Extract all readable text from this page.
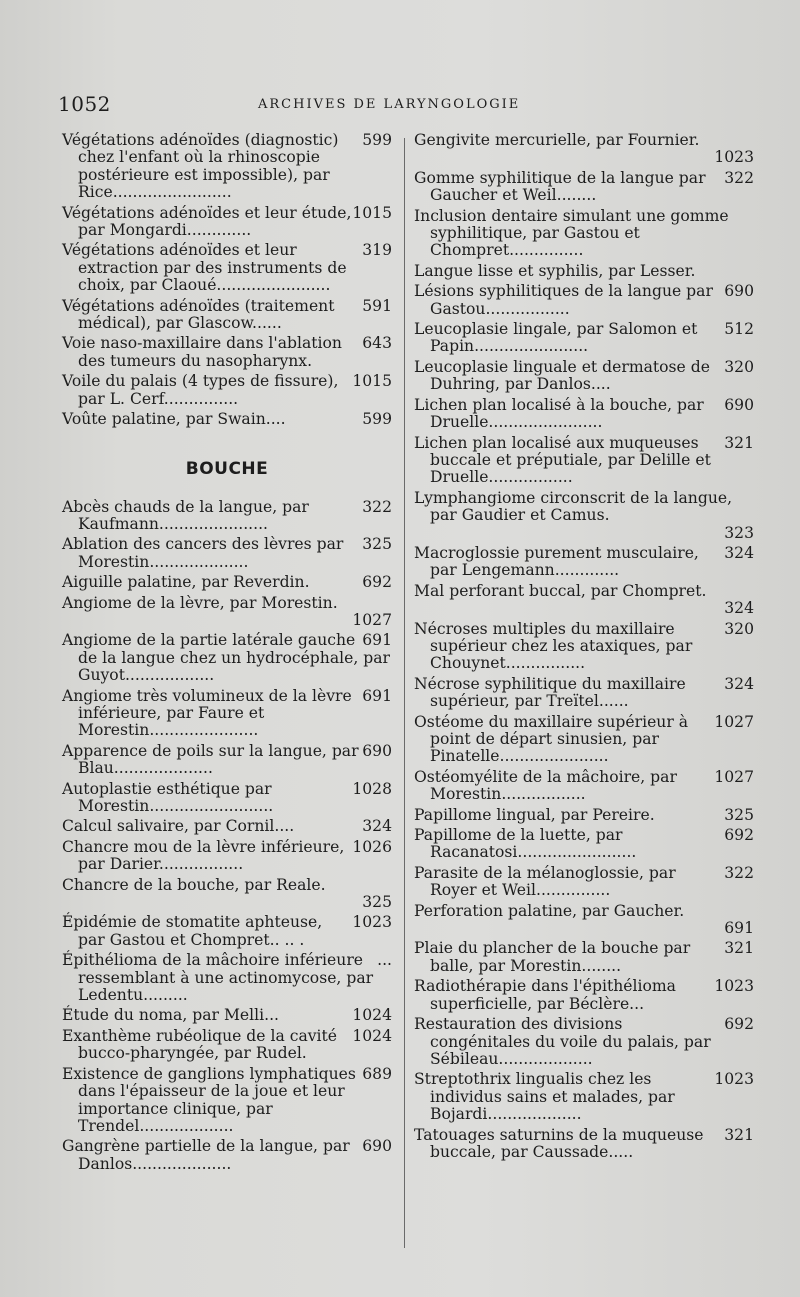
1052	ARCHIVES DE LARYNGOLOGIE
599
Végétations adénoïdes (diagnostic) chez l'enfant où la rhinoscopie postérieure est impossible), par Rice........................
1015
Végétations adénoïdes et leur étude, par Mongardi.............
319
Végétations adénoïdes et leur extraction par des instruments de choix, par Claoué.......................
591
Végétations adénoïdes (traitement médical), par Glascow......
643
Voie naso-maxillaire dans l'ablation des tumeurs du nasopharynx.
1015
Voile du palais (4 types de fissure), par L. Cerf...............
599
Voûte palatine, par Swain....
BOUCHE
322
Abcès chauds de la langue, par Kaufmann......................
325
Ablation des cancers des lèvres par Morestin....................
692
Aiguille palatine, par Reverdin.
Angiome de la lèvre, par Morestin.
1027
691
Angiome de la partie latérale gauche de la langue chez un hydrocéphale, par Guyot..................
691
Angiome très volumineux de la lèvre inférieure, par Faure et Morestin......................
690
Apparence de poils sur la langue, par Blau....................
1028
Autoplastie esthétique par Morestin.........................
324
Calcul salivaire, par Cornil....
1026
Chancre mou de la lèvre inférieure, par Darier.................
Chancre de la bouche, par Reale.
325
1023
Épidémie de stomatite aphteuse, par Gastou et Chompret.. .. .
...
Épithélioma de la mâchoire inférieure ressemblant à une actinomycose, par Ledentu.........
1024
Étude du noma, par Melli...
1024
Exanthème rubéolique de la cavité bucco-pharyngée, par Rudel.
689
Existence de ganglions lymphatiques dans l'épaisseur de la joue et leur importance clinique, par Trendel...................
690
Gangrène partielle de la langue, par Danlos....................
Gengivite mercurielle, par Fournier.
1023
322
Gomme syphilitique de la langue par Gaucher et Weil........
Inclusion dentaire simulant une gomme syphilitique, par Gastou et Chompret...............
Langue lisse et syphilis, par Lesser.
690
Lésions syphilitiques de la langue par Gastou.................
512
Leucoplasie lingale, par Salomon et Papin.......................
320
Leucoplasie linguale et dermatose de Duhring, par Danlos....
690
Lichen plan localisé à la bouche, par Druelle.......................
321
Lichen plan localisé aux muqueuses buccale et préputiale, par Delille et Druelle.................
Lymphangiome circonscrit de la langue, par Gaudier et Camus.
323
324
Macroglossie purement musculaire, par Lengemann.............
Mal perforant buccal, par Chompret.
324
320
Nécroses multiples du maxillaire supérieur chez les ataxiques, par Chouynet................
324
Nécrose syphilitique du maxillaire supérieur, par Treïtel......
1027
Ostéome du maxillaire supérieur à point de départ sinusien, par Pinatelle......................
1027
Ostéomyélite de la mâchoire, par Morestin.................
325
Papillome lingual, par Pereire.
692
Papillome de la luette, par Racanatosi........................
322
Parasite de la mélanoglossie, par Royer et Weil...............
Perforation palatine, par Gaucher.
691
321
Plaie du plancher de la bouche par balle, par Morestin........
1023
Radiothérapie dans l'épithélioma superficielle, par Béclère...
692
Restauration des divisions congénitales du voile du palais, par Sébileau...................
1023
Streptothrix lingualis chez les individus sains et malades, par Bojardi...................
321
Tatouages saturnins de la muqueuse buccale, par Caussade.....
